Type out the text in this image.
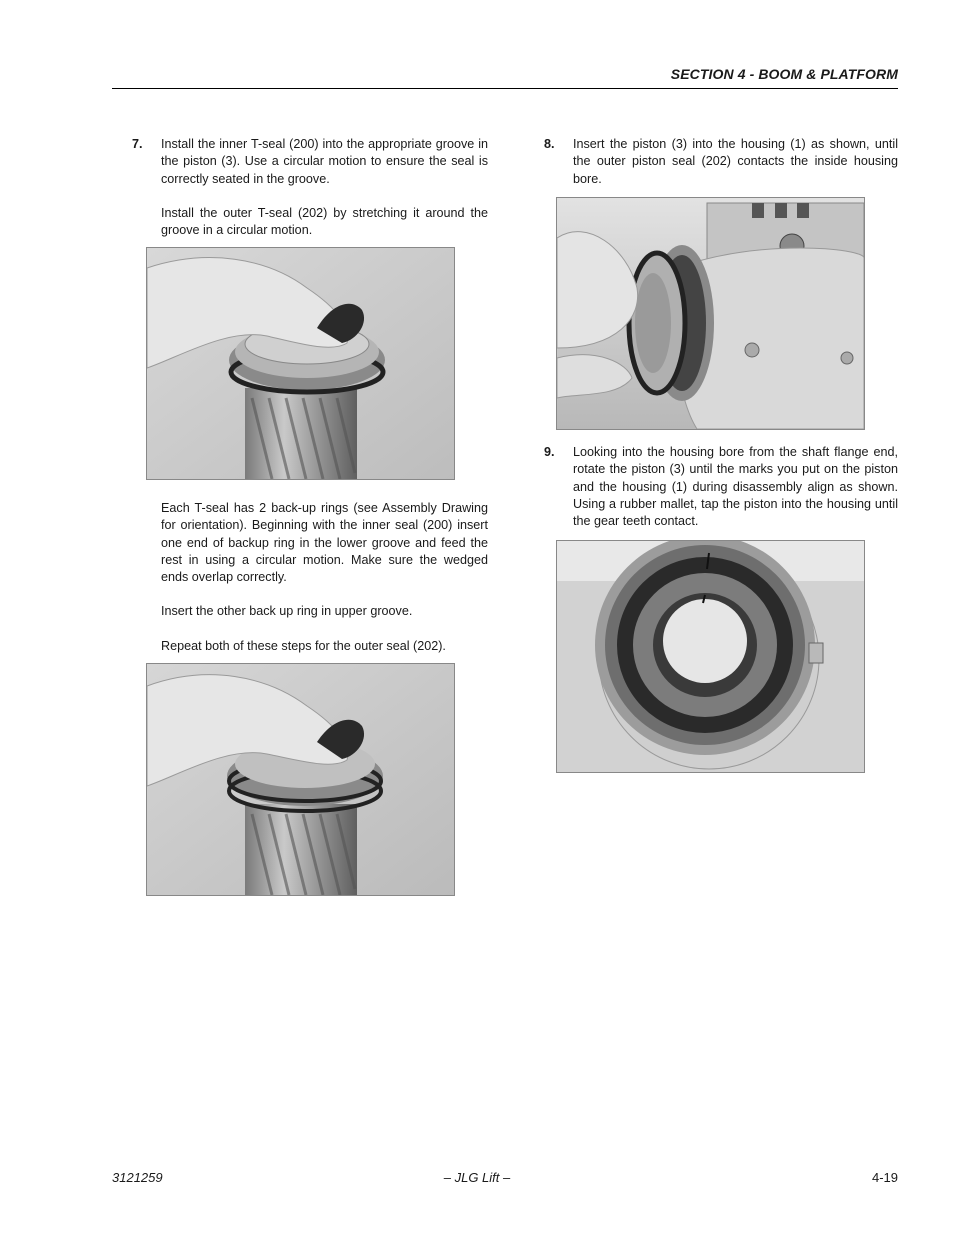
SECTION 4 - BOOM & PLATFORM
7.	Install the inner T-seal (200) into the appropriate groove in the piston (3). Use a circular motion to ensure the seal is correctly seated in the groove.

Install the outer T-seal (202) by stretching it around the groove in a circular motion.

Each T-seal has 2 back-up rings (see Assembly Drawing for orientation). Beginning with the inner seal (200) insert one end of backup ring in the lower groove and feed the rest in using a circular motion. Make sure the wedged ends overlap correctly.

Insert the other back up ring in upper groove.

Repeat both of these steps for the outer seal (202).

8.	Insert the piston (3) into the housing (1) as shown, until the outer piston seal (202) contacts the inside housing bore.
9.	Looking into the housing bore from the shaft flange end, rotate the piston (3) until the marks you put on the piston and the housing (1) during disassembly align as shown. Using a rubber mallet, tap the piston into the housing until the gear teeth contact.
3121259	– JLG Lift –	4-19
